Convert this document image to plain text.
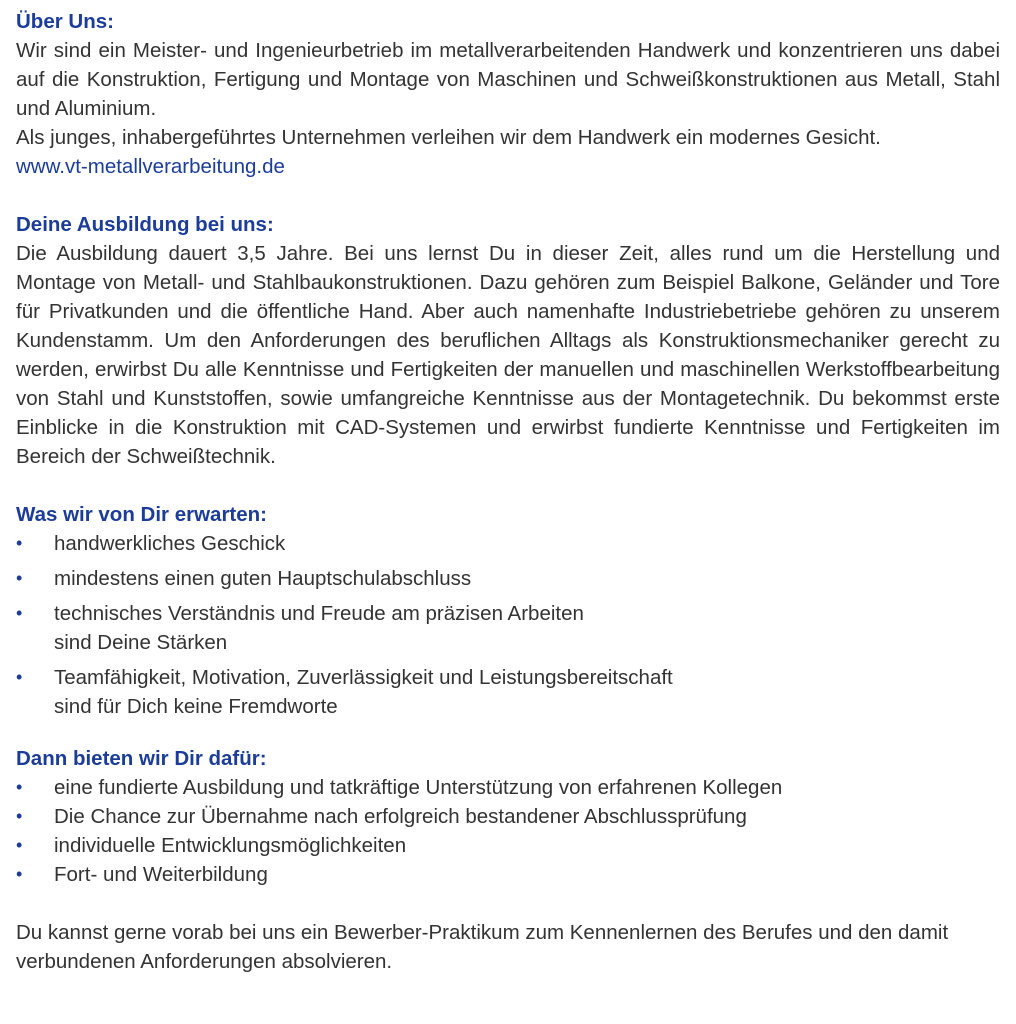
Über Uns:

Wir sind ein Meister- und Ingenieurbetrieb im metallverarbeitenden Handwerk und konzentrieren uns dabei auf die Konstruktion, Fertigung und Montage von Maschinen und Schweißkonstruktionen aus Metall, Stahl und Aluminium.

Als junges, inhabergeführtes Unternehmen verleihen wir dem Handwerk ein modernes Gesicht.

www.vt-metallverarbeitung.de
Deine Ausbildung bei uns:

Die Ausbildung dauert 3,5 Jahre. Bei uns lernst Du in dieser Zeit, alles rund um die Herstellung und Montage von Metall- und Stahlbaukonstruktionen. Dazu gehören zum Beispiel Balkone, Geländer und Tore für Privatkunden und die öffentliche Hand. Aber auch namenhafte Industriebetriebe gehören zu unserem Kundenstamm. Um den Anforderungen des beruflichen Alltags als Konstruktionsmechaniker gerecht zu werden, erwirbst Du alle Kenntnisse und Fertigkeiten der manuellen und maschinellen Werkstoffbearbeitung von Stahl und Kunststoffen, sowie umfangreiche Kenntnisse aus der Montagetechnik. Du bekommst erste Einblicke in die Konstruktion mit CAD-Systemen und erwirbst fundierte Kenntnisse und Fertigkeiten im Bereich der Schweißtechnik.

Was wir von Dir erwarten:
• handwerkliches Geschick
• mindestens einen guten Hauptschulabschluss
• technisches Verständnis und Freude am präzisen Arbeiten
sind Deine Stärken
• Teamfähigkeit, Motivation, Zuverlässigkeit und Leistungsbereitschaft
sind für Dich keine Fremdworte
Dann bieten wir Dir dafür:
• eine fundierte Ausbildung und tatkräftige Unterstützung von erfahrenen Kollegen
• Die Chance zur Übernahme nach erfolgreich bestandener Abschlussprüfung
• individuelle Entwicklungsmöglichkeiten
• Fort- und Weiterbildung

Du kannst gerne vorab bei uns ein Bewerber-Praktikum zum Kennenlernen des Berufes und den damit verbundenen Anforderungen absolvieren.
